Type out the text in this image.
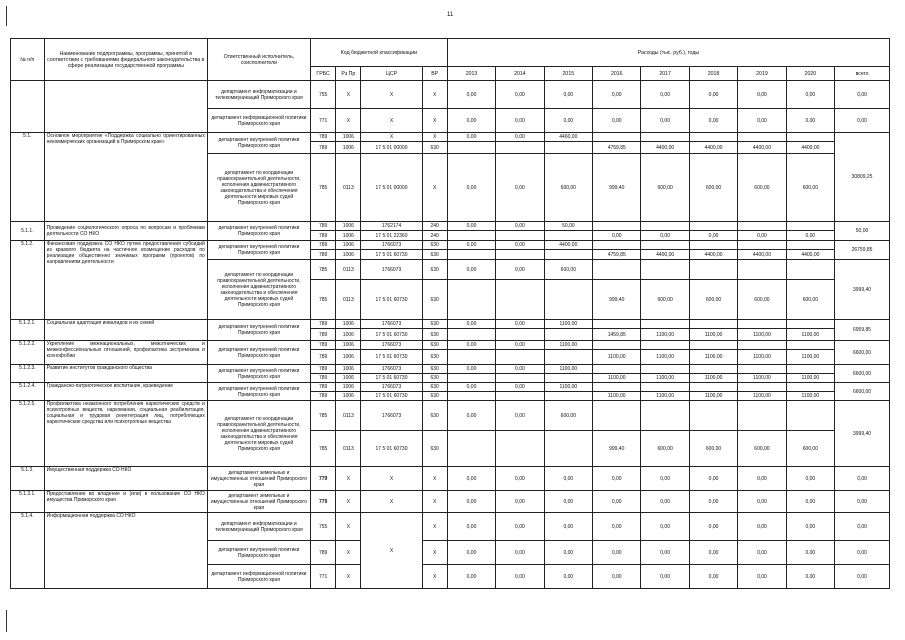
11
№ п/п	Наименование подпрограммы, программы, принятой в соответствии с требованиями федерального законодательства в сфере реализации государственной программы	Ответственный исполнитель, соисполнители	Код бюджетной классификации				Расходы (тыс. руб.), годы								
			ГРБС	Рз Пр	ЦСР	ВР	2013	2014	2015	2016	2017	2018	2019	2020	всего
		департамент информатизации и телекоммуникаций Приморского края	755	X	X	X	0,00	0,00	0,00	0,00	0,00	0,00	0,00	0,00	0,00
		департамент информационной политики Приморского края	771	X	X	X	0,00	0,00	0,00	0,00	0,00	0,00	0,00	0,00	0,00
5.1.	Основное мероприятие «Поддержка социально ориентированных некоммерческих организаций в Приморском крае»	департамент внутренней политики Приморского края	789	1006	X	X	0,00	0,00	4460,00						30809,25
			789	1006	17 5 01 00000	630				4759,85	4400,00	4400,00	4400,00	4400,00	
		департамент по координации правоохранительной деятельности, исполнения административного законодательства и обеспечения деятельности мировых судей Приморского края	785	0113	17 5 01 00000	X	0,00	0,00	600,00	999,40	600,00	600,00	600,00	600,00	
5.1.1.	Проведение социологического опроса по вопросам и проблемам деятельности СО НКО	департамент внутренней политики Приморского края	789	1006	1762174	240	0,00	0,00	50,00						50,00
			789	1006	17 5 01 22360	240				0,00	0,00	0,00	0,00	0,00	
5.1.2.	Финансовая поддержка СО НКО путем предоставления субсидий из краевого бюджета на частичное возмещение расходов по реализации общественно значимых программ (проектов) по направлениям деятельности	департамент внутренней политики Приморского края	789	1006	1766073	630	0,00	0,00	4400,00						26759,85
			789	1006	17 5 01 60730	630				4759,85	4400,00	4400,00	4400,00	4400,00	
		департамент по координации правоохранительной деятельности, исполнения административного законодательства и обеспечения деятельности мировых судей Приморского края	785	0113	1766073	630	0,00	0,00	600,00						3999,40
			785	0113	17 5 01 60730	630				999,40	600,00	600,00	600,00	600,00	
5.1.2.1.	Социальная адаптация инвалидов и их семей	департамент внутренней политики Приморского края	789	1006	1766073	630	0,00	0,00	1100,00						6959,85
			789	1006	17 5 01 60730	630				1459,85	1100,00	1100,00	1100,00	1100,00	
5.1.2.2.	Укрепление межнациональных, межэтнических и межконфессиональных отношений, профилактика экстремизма и ксенофобии	департамент внутренней политики Приморского края	789	1006	1766073	630	0,00	0,00	1100,00						6600,00
			789	1006	17 5 01 60730	630				1100,00	1100,00	1100,00	1100,00	1100,00	
5.1.2.3.	Развитие институтов гражданского общества	департамент внутренней политики Приморского края	789	1006	1766073	630	0,00	0,00	1100,00						6600,00
			789	1006	17 5 01 60730	630				1100,00	1100,00	1100,00	1100,00	1100,00	
5.1.2.4.	Гражданско-патриотическое воспитание, краеведение	департамент внутренней политики Приморского края	789	1006	1766073	630	0,00	0,00	1100,00						6600,00
			789	1006	17 5 01 60730	630				1100,00	1100,00	1100,00	1100,00	1100,00	
5.1.2.5.	Профилактика незаконного потребления наркотических средств и психотропных веществ, наркомании, социальная реабилитация, социальная и трудовая реинтеграция лиц, потребляющих наркотические средства или психотропные вещества	департамент по координации правоохранительной деятельности, исполнения административного законодательства и обеспечения деятельности мировых судей Приморского края	785	0113	1766073	630	0,00	0,00	600,00						3999,40
			785	0113	17 5 01 60730	630				999,40	600,00	600,00	600,00	600,00	
5.1.3.	Имущественная поддержка СО НКО	департамент земельных и имущественных отношений Приморского края	779	X	X	X	0,00	0,00	0,00	0,00	0,00	0,00	0,00	0,00	0,00
5.1.3.1.	Предоставление во владение и (или) в пользование СО НКО имущества Приморского края	департамент земельных и имущественных отношений Приморского края	779	X	X	X	0,00	0,00	0,00	0,00	0,00	0,00	0,00	0,00	0,00
5.1.4.	Информационная поддержка СО НКО	департамент информатизации и телекоммуникаций Приморского края	755	X	X	X	0,00	0,00	0,00	0,00	0,00	0,00	0,00	0,00	0,00
		департамент внутренней политики Приморского края	789	X		X	0,00	0,00	0,00	0,00	0,00	0,00	0,00	0,00	0,00
		департамент информационной политики Приморского края	771	X		X	0,00	0,00	0,00	0,00	0,00	0,00	0,00	0,00	0,00
